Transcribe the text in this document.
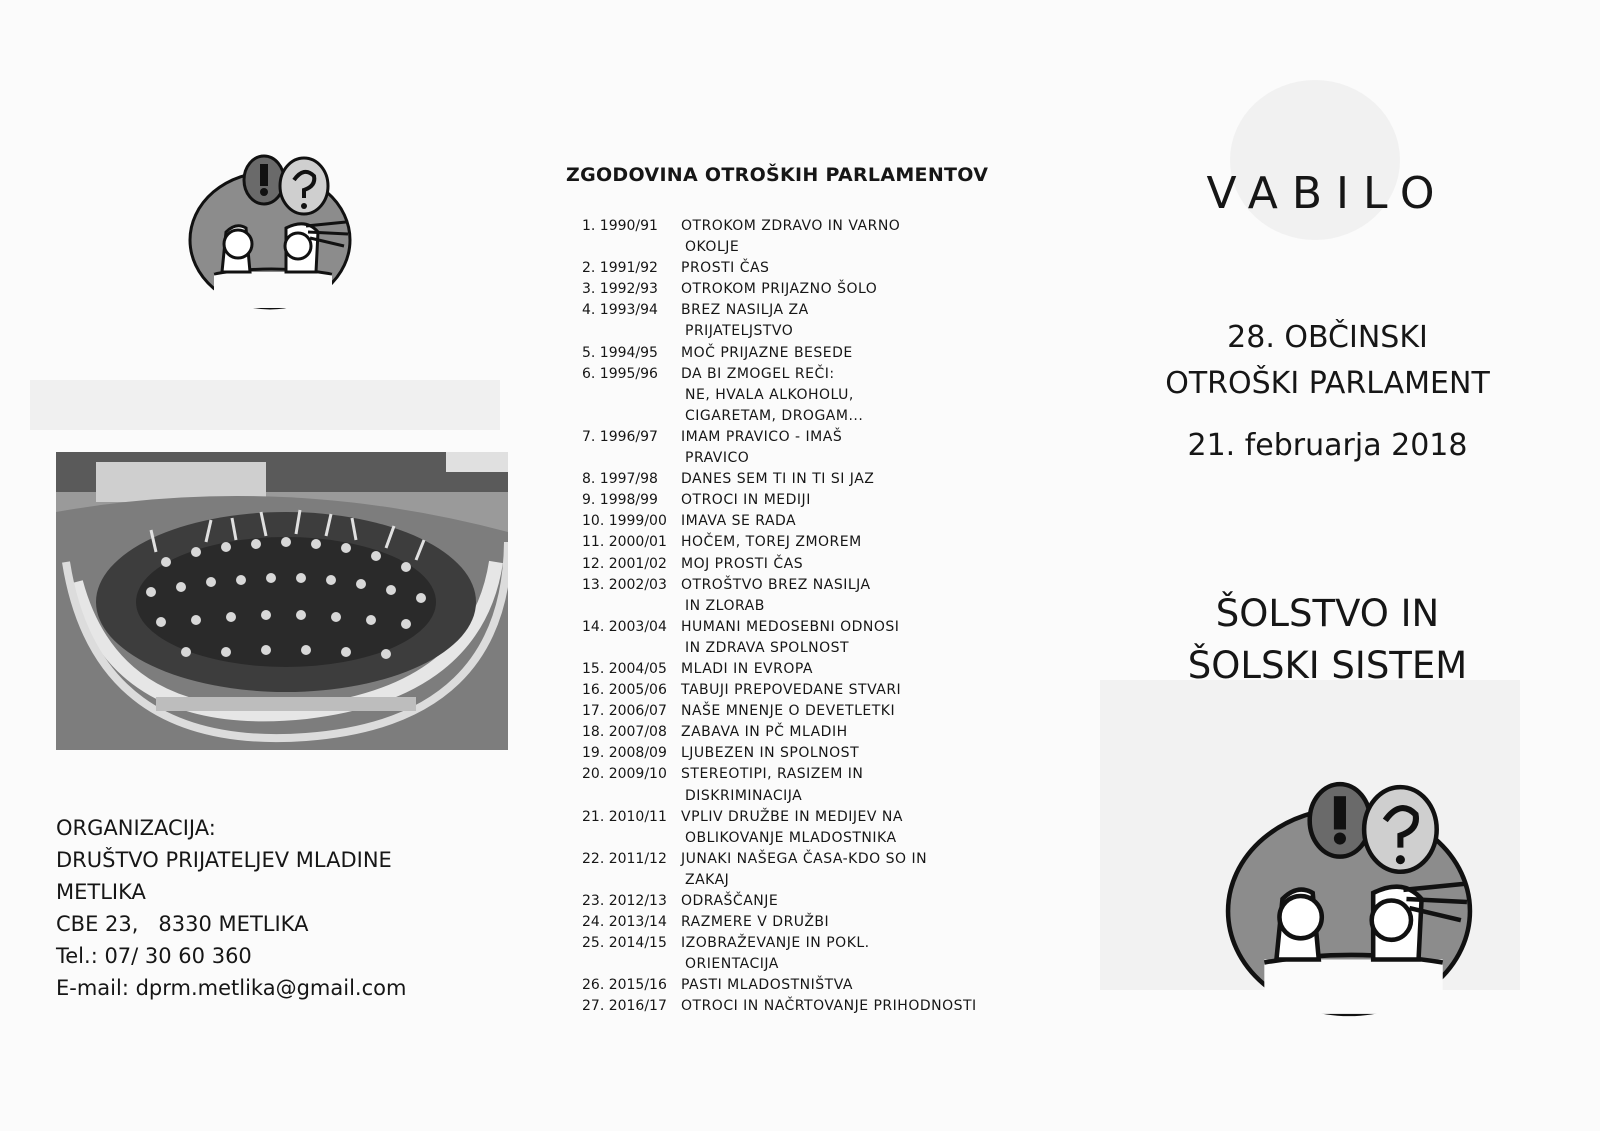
ORGANIZACIJA:
DRUŠTVO PRIJATELJEV MLADINE
METLIKA
CBE 23,   8330 METLIKA
Tel.: 07/ 30 60 360
E-mail: dprm.metlika@gmail.com
ZGODOVINA OTROŠKIH PARLAMENTOV
1. 1990/91	OTROKOM ZDRAVO IN VARNO
OKOLJE
2. 1991/92	PROSTI ČAS
3. 1992/93	OTROKOM PRIJAZNO ŠOLO
4. 1993/94	BREZ NASILJA ZA
PRIJATELJSTVO
5. 1994/95	MOČ PRIJAZNE BESEDE
6. 1995/96	DA BI ZMOGEL REČI:
NE, HVALA ALKOHOLU,
CIGARETAM, DROGAM...
7. 1996/97	IMAM PRAVICO - IMAŠ
PRAVICO
8. 1997/98	DANES SEM TI IN TI SI JAZ
9. 1998/99	OTROCI IN MEDIJI
10. 1999/00	IMAVA SE RADA
11. 2000/01	HOČEM, TOREJ ZMOREM
12. 2001/02	MOJ PROSTI ČAS
13. 2002/03	OTROŠTVO BREZ NASILJA
IN ZLORAB
14. 2003/04	HUMANI MEDOSEBNI ODNOSI
IN ZDRAVA SPOLNOST
15. 2004/05	MLADI IN EVROPA
16. 2005/06	TABUJI PREPOVEDANE STVARI
17. 2006/07	NAŠE MNENJE O DEVETLETKI
18. 2007/08	ZABAVA IN PČ MLADIH
19. 2008/09	LJUBEZEN IN SPOLNOST
20. 2009/10	STEREOTIPI, RASIZEM IN
DISKRIMINACIJA
21. 2010/11	VPLIV DRUŽBE IN MEDIJEV NA
OBLIKOVANJE MLADOSTNIKA
22. 2011/12	JUNAKI NAŠEGA ČASA-KDO SO IN
ZAKAJ
23. 2012/13	ODRAŠČANJE
24. 2013/14	RAZMERE V DRUŽBI
25. 2014/15	IZOBRAŽEVANJE IN POKL.
ORIENTACIJA
26. 2015/16	PASTI MLADOSTNIŠTVA
27. 2016/17	OTROCI IN NAČRTOVANJE PRIHODNOSTI
VABILO
28. OBČINSKI
OTROŠKI PARLAMENT
21. februarja 2018
ŠOLSTVO IN
ŠOLSKI SISTEM
